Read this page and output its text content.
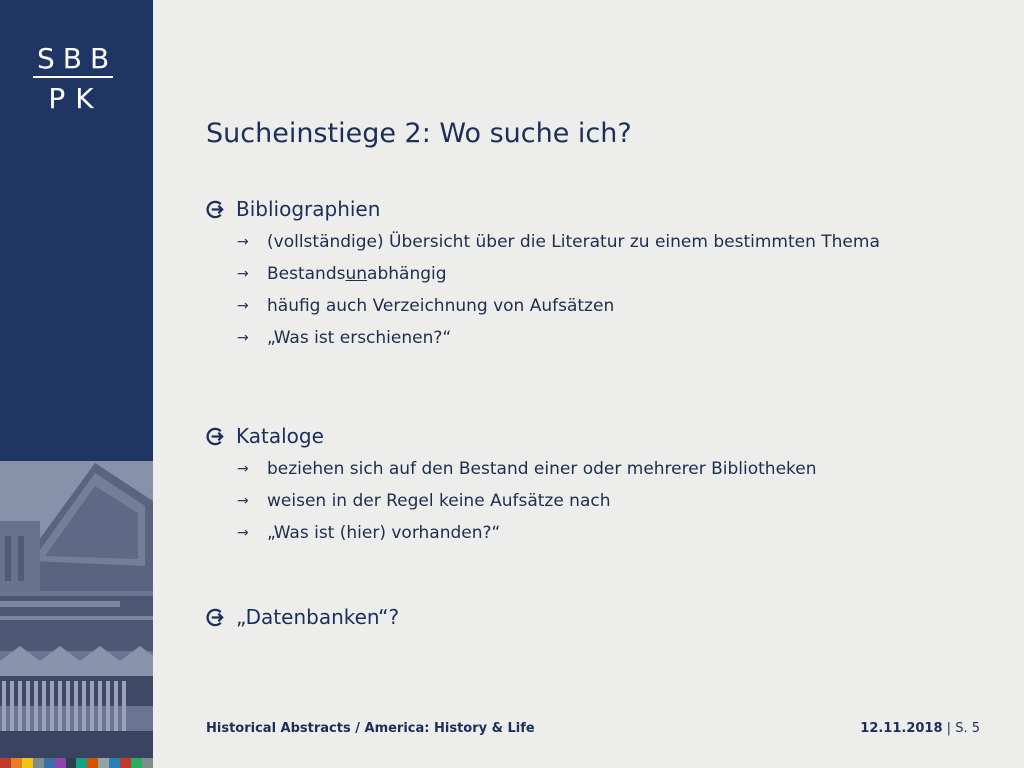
SBB
PK
Sucheinstiege 2: Wo suche ich?
Bibliographien
→	(vollständige) Übersicht über die Literatur zu einem bestimmten Thema
→	Bestandsunabhängig
→	häufig auch Verzeichnung von Aufsätzen
→	„Was ist erschienen?“
Kataloge
→	beziehen sich auf den Bestand einer oder mehrerer Bibliotheken
→	weisen in der Regel keine Aufsätze nach
→	„Was ist (hier) vorhanden?“
„Datenbanken“?
Historical Abstracts / America: History & Life	12.11.2018 | S. 5
